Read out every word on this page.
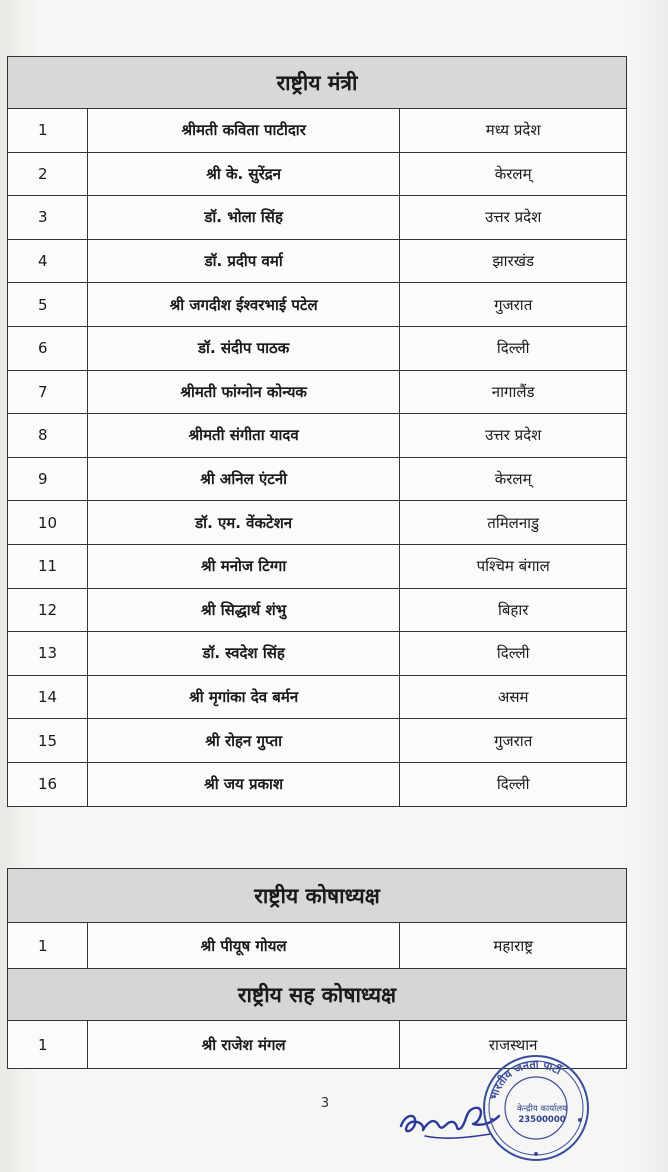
राष्ट्रीय मंत्री		
1	श्रीमती कविता पाटीदार	मध्य प्रदेश
2	श्री के. सुरेंद्रन	केरलम्
3	डॉ. भोला सिंह	उत्तर प्रदेश
4	डॉ. प्रदीप वर्मा	झारखंड
5	श्री जगदीश ईश्वरभाई पटेल	गुजरात
6	डॉ. संदीप पाठक	दिल्ली
7	श्रीमती फांग्नोन कोन्यक	नागालैंड
8	श्रीमती संगीता यादव	उत्तर प्रदेश
9	श्री अनिल एंटनी	केरलम्
10	डॉ. एम. वेंकटेशन	तमिलनाडु
11	श्री मनोज टिग्गा	पश्चिम बंगाल
12	श्री सिद्धार्थ शंभु	बिहार
13	डॉ. स्वदेश सिंह	दिल्ली
14	श्री मृगांका देव बर्मन	असम
15	श्री रोहन गुप्ता	गुजरात
16	श्री जय प्रकाश	दिल्ली
राष्ट्रीय कोषाध्यक्ष		
1	श्री पीयूष गोयल	महाराष्ट्र
राष्ट्रीय सह कोषाध्यक्ष		
1	श्री राजेश मंगल	राजस्थान
3
भारतीय जनता पार्टी
केन्द्रीय कार्यालय
23500000
